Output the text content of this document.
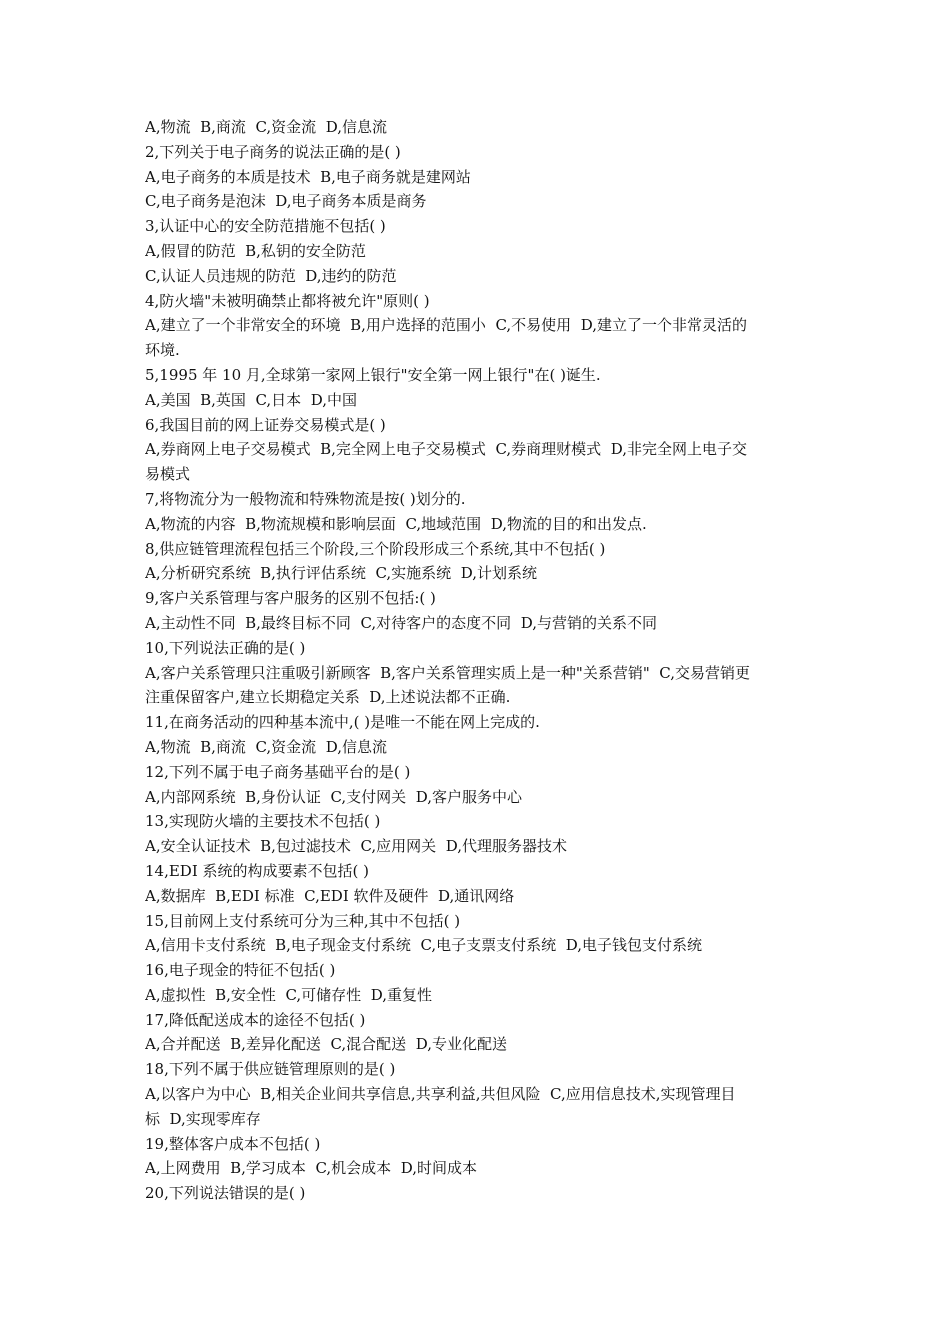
A,物流  B,商流  C,资金流  D,信息流
2,下列关于电子商务的说法正确的是( )
A,电子商务的本质是技术  B,电子商务就是建网站
C,电子商务是泡沫  D,电子商务本质是商务
3,认证中心的安全防范措施不包括( )
A,假冒的防范  B,私钥的安全防范
C,认证人员违规的防范  D,违约的防范
4,防火墙"未被明确禁止都将被允许"原则( )
A,建立了一个非常安全的环境  B,用户选择的范围小  C,不易使用  D,建立了一个非常灵活的
环境.
5,1995 年 10 月,全球第一家网上银行"安全第一网上银行"在( )诞生.
A,美国  B,英国  C,日本  D,中国
6,我国目前的网上证券交易模式是( )
A,券商网上电子交易模式  B,完全网上电子交易模式  C,券商理财模式  D,非完全网上电子交
易模式
7,将物流分为一般物流和特殊物流是按( )划分的.
A,物流的内容  B,物流规模和影响层面  C,地域范围  D,物流的目的和出发点.
8,供应链管理流程包括三个阶段,三个阶段形成三个系统,其中不包括( )
A,分析研究系统  B,执行评估系统  C,实施系统  D,计划系统
9,客户关系管理与客户服务的区别不包括:( )
A,主动性不同  B,最终目标不同  C,对待客户的态度不同  D,与营销的关系不同
10,下列说法正确的是( )
A,客户关系管理只注重吸引新顾客  B,客户关系管理实质上是一种"关系营销"  C,交易营销更
注重保留客户,建立长期稳定关系  D,上述说法都不正确.
11,在商务活动的四种基本流中,( )是唯一不能在网上完成的.
A,物流  B,商流  C,资金流  D,信息流
12,下列不属于电子商务基础平台的是( )
A,内部网系统  B,身份认证  C,支付网关  D,客户服务中心
13,实现防火墙的主要技术不包括( )
A,安全认证技术  B,包过滤技术  C,应用网关  D,代理服务器技术
14,EDI 系统的构成要素不包括( )
A,数据库  B,EDI 标准  C,EDI 软件及硬件  D,通讯网络
15,目前网上支付系统可分为三种,其中不包括( )
A,信用卡支付系统  B,电子现金支付系统  C,电子支票支付系统  D,电子钱包支付系统
16,电子现金的特征不包括( )
A,虚拟性  B,安全性  C,可储存性  D,重复性
17,降低配送成本的途径不包括( )
A,合并配送  B,差异化配送  C,混合配送  D,专业化配送
18,下列不属于供应链管理原则的是( )
A,以客户为中心  B,相关企业间共享信息,共享利益,共但风险  C,应用信息技术,实现管理目
标  D,实现零库存
19,整体客户成本不包括( )
A,上网费用  B,学习成本  C,机会成本  D,时间成本
20,下列说法错误的是( )
